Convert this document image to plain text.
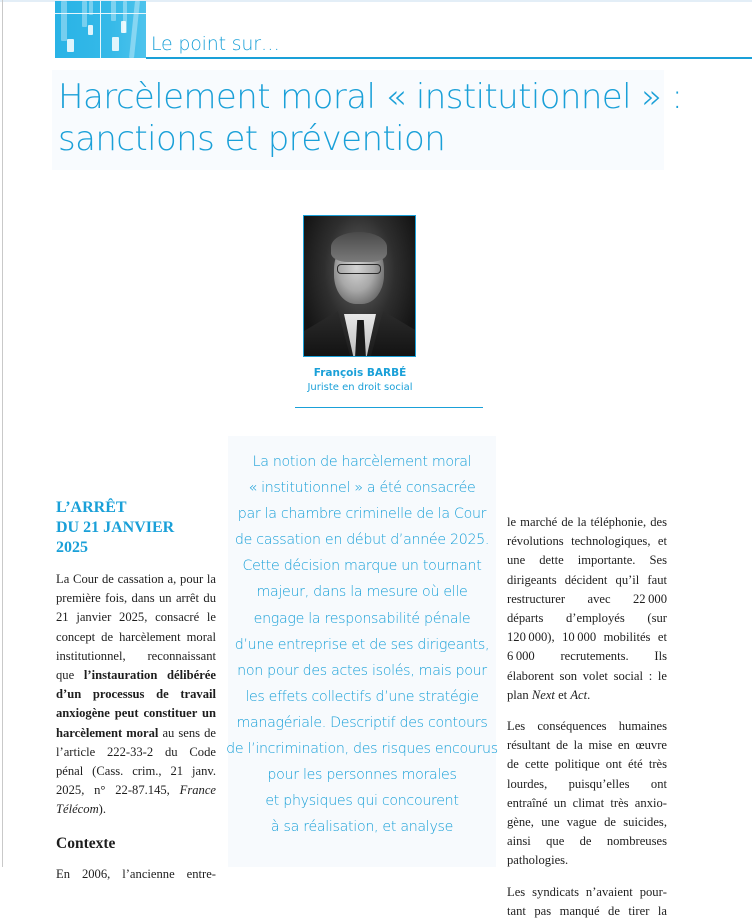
Le point sur…
Harcèlement moral « institutionnel » :
sanctions et prévention
François BARBÉ
Juriste en droit social
L’ARRÊT
DU 21 JANVIER
2025

La Cour de cassation a, pour la première fois, dans un arrêt du 21 janvier 2025, consacré le concept de harcèlement moral institutionnel, reconnaissant que l’instauration délibérée d’un processus de travail anxiogène peut constituer un harcèlement moral au sens de l’article 222-33-2 du Code pénal (Cass. crim., 21 janv. 2025, n° 22-87.145, France Télécom).

Contexte

En 2006, l’ancienne entre-

La notion de harcèlement moral
« institutionnel » a été consacrée
par la chambre criminelle de la Cour
de cassation en début d’année 2025.
Cette décision marque un tournant
majeur, dans la mesure où elle
engage la responsabilité pénale
d’une entreprise et de ses dirigeants,
non pour des actes isolés, mais pour
les effets collectifs d’une stratégie
managériale. Descriptif des contours
de l’incrimination, des risques encourus
pour les personnes morales
et physiques qui concourent
à sa réalisation, et analyse

le marché de la téléphonie, des révolutions technologiques, et une dette importante. Ses dirigeants décident qu’il faut restructurer avec 22 000 départs d’employés (sur 120 000), 10 000 mobilités et 6 000 recrutements. Ils élaborent son volet social : le plan Next et Act.

Les conséquences humaines résultant de la mise en œuvre de cette politique ont été très lourdes, puisqu’elles ont entraîné un climat très anxiogène, une vague de suicides, ainsi que de nombreuses pathologies.

Les syndicats n’avaient pourtant pas manqué de tirer la
